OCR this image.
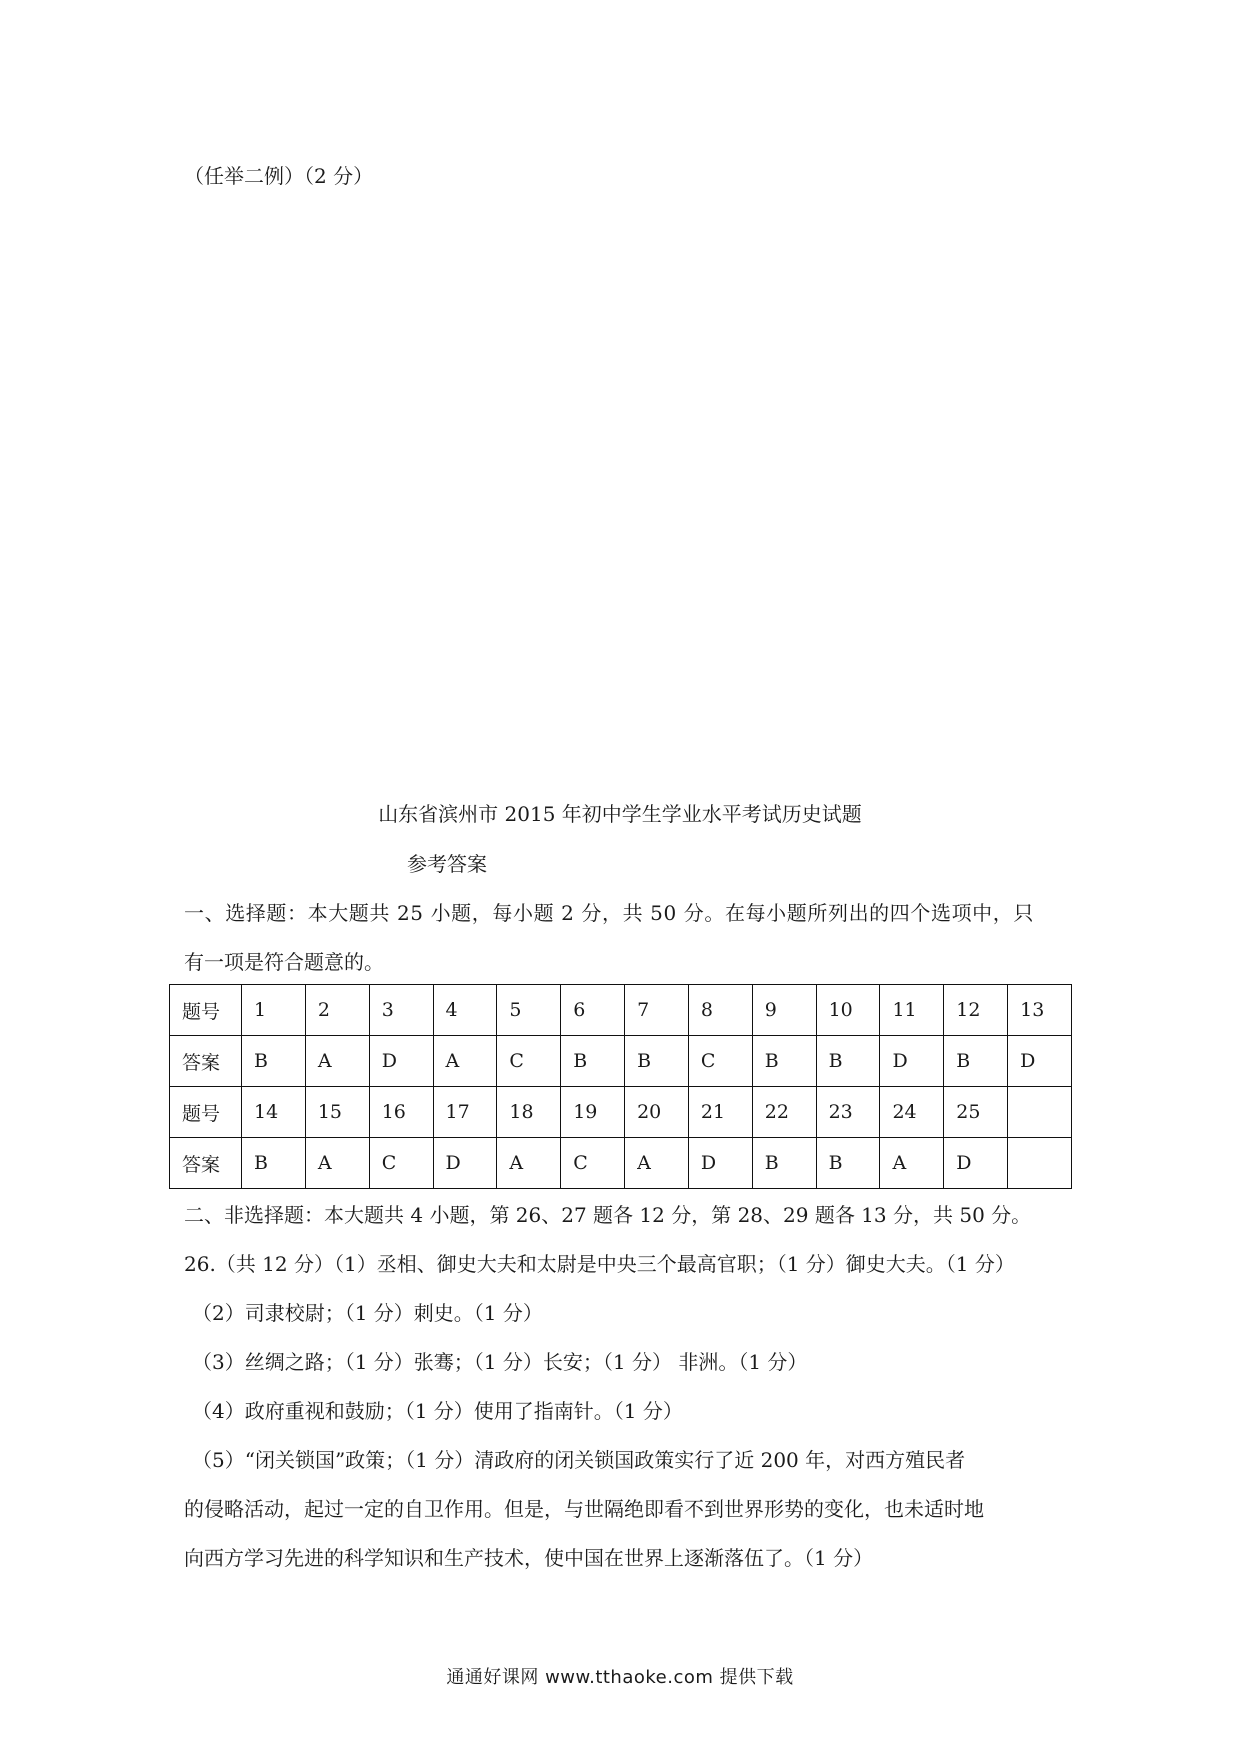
（任举二例）（2 分）
山东省滨州市 2015 年初中学生学业水平考试历史试题
参考答案
一、选择题：本大题共 25 小题，每小题 2 分，共 50 分。在每小题所列出的四个选项中，只
有一项是符合题意的。
题号	1	2	3	4	5	6	7	8	9	10	11	12	13
答案	B	A	D	A	C	B	B	C	B	B	D	B	D
题号	14	15	16	17	18	19	20	21	22	23	24	25	
答案	B	A	C	D	A	C	A	D	B	B	A	D	
二、非选择题：本大题共 4 小题，第 26、27 题各 12 分，第 28、29 题各 13 分，共 50 分。
26.（共 12 分）（1）丞相、御史大夫和太尉是中央三个最高官职；（1 分）御史大夫。（1 分）
（2）司隶校尉；（1 分）刺史。（1 分）
（3）丝绸之路；（1 分）张骞；（1 分）长安；（1 分） 非洲。（1 分）
（4）政府重视和鼓励；（1 分）使用了指南针。（1 分）
（5）“闭关锁国”政策；（1 分）清政府的闭关锁国政策实行了近 200 年，对西方殖民者
的侵略活动，起过一定的自卫作用。但是，与世隔绝即看不到世界形势的变化，也未适时地
向西方学习先进的科学知识和生产技术，使中国在世界上逐渐落伍了。（1 分）
通通好课网 www.tthaoke.com 提供下载
